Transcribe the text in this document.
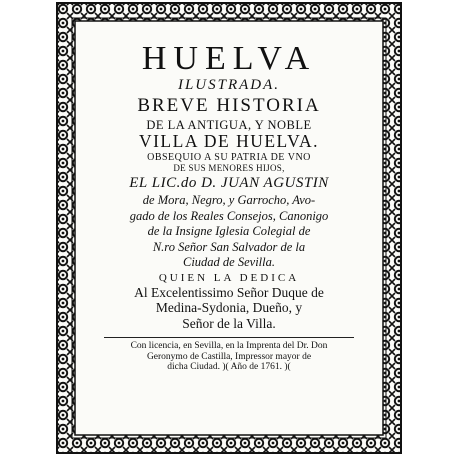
HUELVA
ILUSTRADA.
BREVE HISTORIA
DE LA ANTIGUA, Y NOBLE
VILLA DE HUELVA.
OBSEQUIO A SU PATRIA DE VNO
DE SUS MENORES HIJOS,
EL LIC.do D. JUAN AGUSTIN
de Mora, Negro, y Garrocho, Avo-
gado de los Reales Consejos, Canonigo
de la Insigne Iglesia Colegial de
N.ro Señor San Salvador de la
Ciudad de Sevilla.
QUIEN LA DEDICA
Al Excelentissimo Señor Duque de
Medina-Sydonia, Dueño, y
Señor de la Villa.
Con licencia, en Sevilla, en la Imprenta del Dr. Don
Geronymo de Castilla, Impressor mayor de
dicha Ciudad. )( Año de 1761. )(
